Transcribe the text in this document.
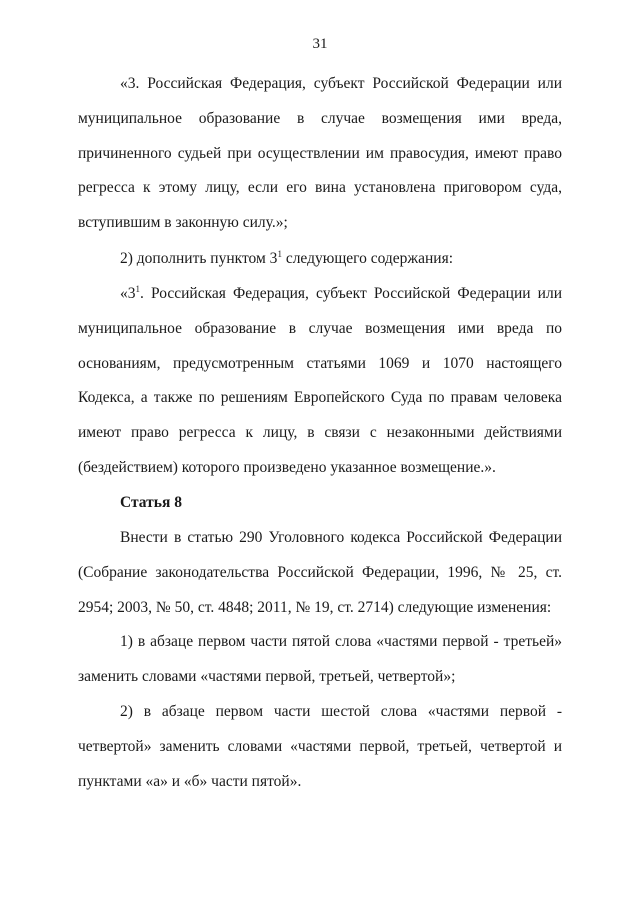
31
«3. Российская Федерация, субъект Российской Федерации или муниципальное образование в случае возмещения ими вреда, причиненного судьей при осуществлении им правосудия, имеют право регресса к этому лицу, если его вина установлена приговором суда, вступившим в законную силу.»;
2) дополнить пунктом $3^1$ следующего содержания:
«$3^1$. Российская Федерация, субъект Российской Федерации или муниципальное образование в случае возмещения ими вреда по основаниям, предусмотренным статьями 1069 и 1070 настоящего Кодекса, а также по решениям Европейского Суда по правам человека имеют право регресса к лицу, в связи с незаконными действиями (бездействием) которого произведено указанное возмещение.».
Статья 8
Внести в статью 290 Уголовного кодекса Российской Федерации (Собрание законодательства Российской Федерации, 1996, № 25, ст. 2954; 2003, № 50, ст. 4848; 2011, № 19, ст. 2714) следующие изменения:
1) в абзаце первом части пятой слова «частями первой - третьей» заменить словами «частями первой, третьей, четвертой»;
2) в абзаце первом части шестой слова «частями первой - четвертой» заменить словами «частями первой, третьей, четвертой и пунктами «а» и «б» части пятой».
